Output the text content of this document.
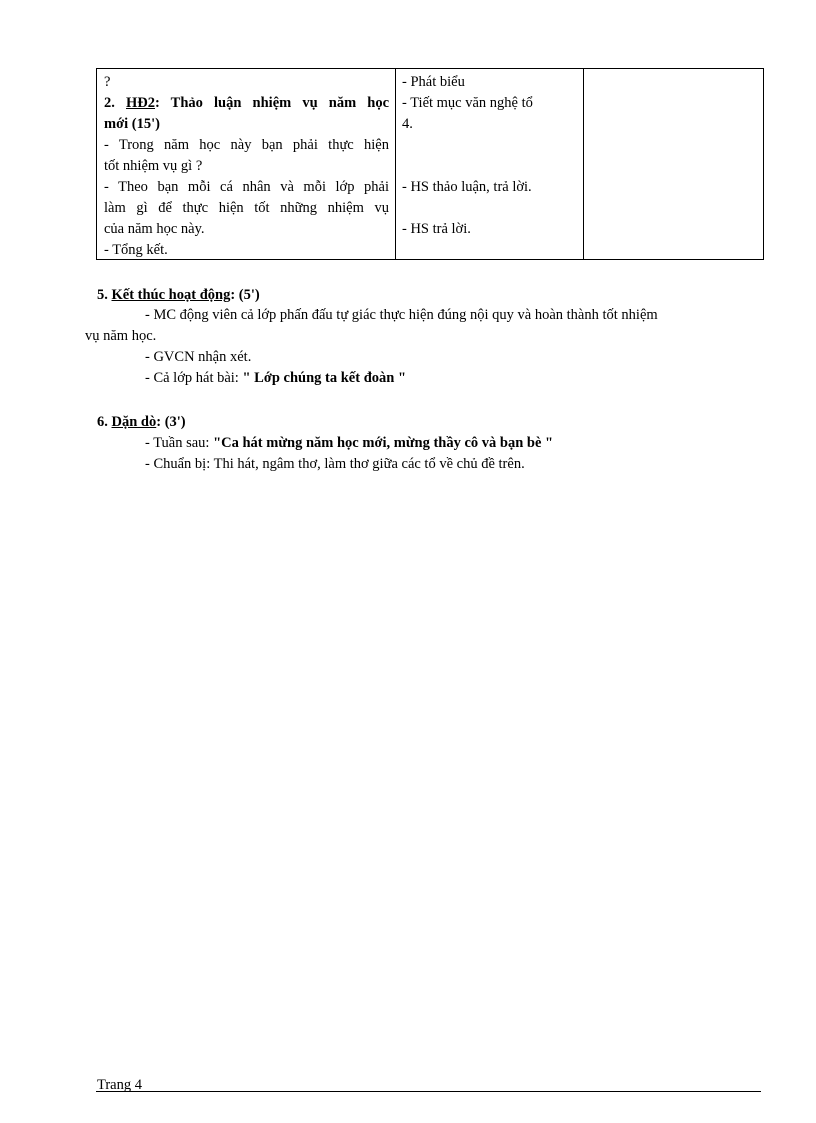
?
2. HĐ2: Thảo luận nhiệm vụ năm học
mới (15')
- Trong năm học này bạn phải thực hiện
tốt nhiệm vụ gì ?
- Theo bạn mỗi cá nhân và mỗi lớp phải
làm gì để thực hiện tốt những nhiệm vụ
của năm học này.
- Tổng kết.
- Phát biểu
- Tiết mục văn nghệ tổ
4.
- HS thảo luận, trả lời.
- HS trả lời.
5. Kết thúc hoạt động: (5')
- MC động viên cả lớp phấn đấu tự giác thực hiện đúng nội quy và hoàn thành tốt nhiệm
vụ năm học.
- GVCN nhận xét.
- Cả lớp hát bài: " Lớp chúng ta kết đoàn "
6. Dặn dò: (3')
- Tuần sau: "Ca hát mừng năm học mới, mừng thầy cô và bạn bè "
- Chuẩn bị: Thi hát, ngâm thơ, làm thơ giữa các tổ về chủ đề trên.
Trang 4
